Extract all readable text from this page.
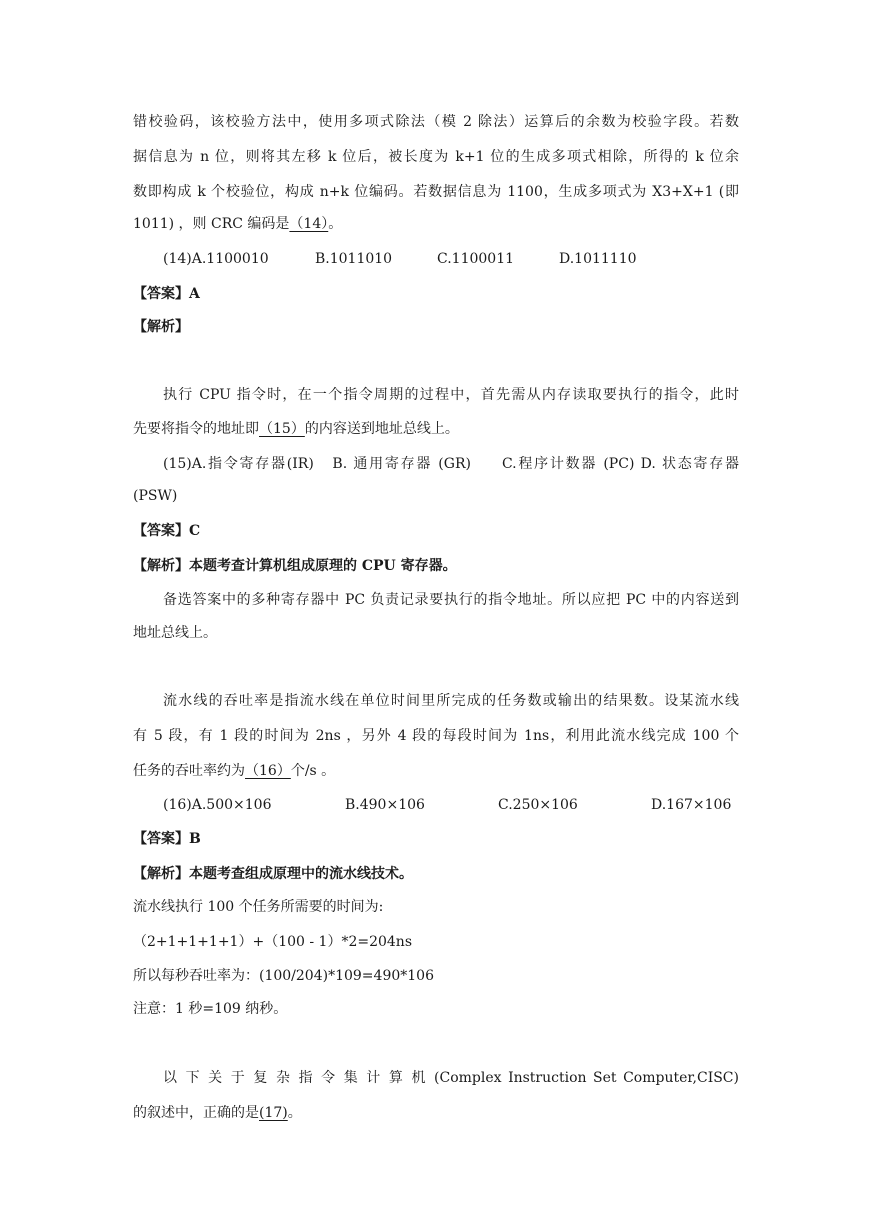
错校验码，该校验方法中，使用多项式除法（模 2 除法）运算后的余数为校验字段。若数
据信息为 n 位，则将其左移 k 位后，被长度为 k+1 位的生成多项式相除，所得的 k 位余
数即构成 k 个校验位，构成 n+k 位编码。若数据信息为 1100，生成多项式为 X3+X+1 (即
1011) ，则 CRC 编码是（14）。
(14)A.1100010	B.1011010	C.1100011	D.1011110
【答案】A
【解析】
执行 CPU 指令时，在一个指令周期的过程中，首先需从内存读取要执行的指令，此时
先要将指令的地址即（15）的内容送到地址总线上。
(15)A.指令寄存器(IR)   B. 通用寄存器 (GR)     C.程序计数器 (PC) D. 状态寄存器
(PSW)
【答案】C
【解析】本题考查计算机组成原理的 CPU 寄存器。
备选答案中的多种寄存器中 PC 负责记录要执行的指令地址。所以应把 PC 中的内容送到
地址总线上。
流水线的吞吐率是指流水线在单位时间里所完成的任务数或输出的结果数。设某流水线
有 5 段，有 1 段的时间为 2ns ，另外 4 段的每段时间为 1ns，利用此流水线完成 100 个
任务的吞吐率约为（16）个/s 。
(16)A.500×106	B.490×106	C.250×106	D.167×106
【答案】B
【解析】本题考查组成原理中的流水线技术。
流水线执行 100 个任务所需要的时间为:
（2+1+1+1+1）+（100 - 1）*2=204ns
所以每秒吞吐率为：(100/204)*109=490*106
注意：1 秒=109 纳秒。
以 下 关 于 复 杂 指 令 集 计 算 机 (Complex Instruction Set Computer,CISC)
的叙述中，正确的是(17)。
